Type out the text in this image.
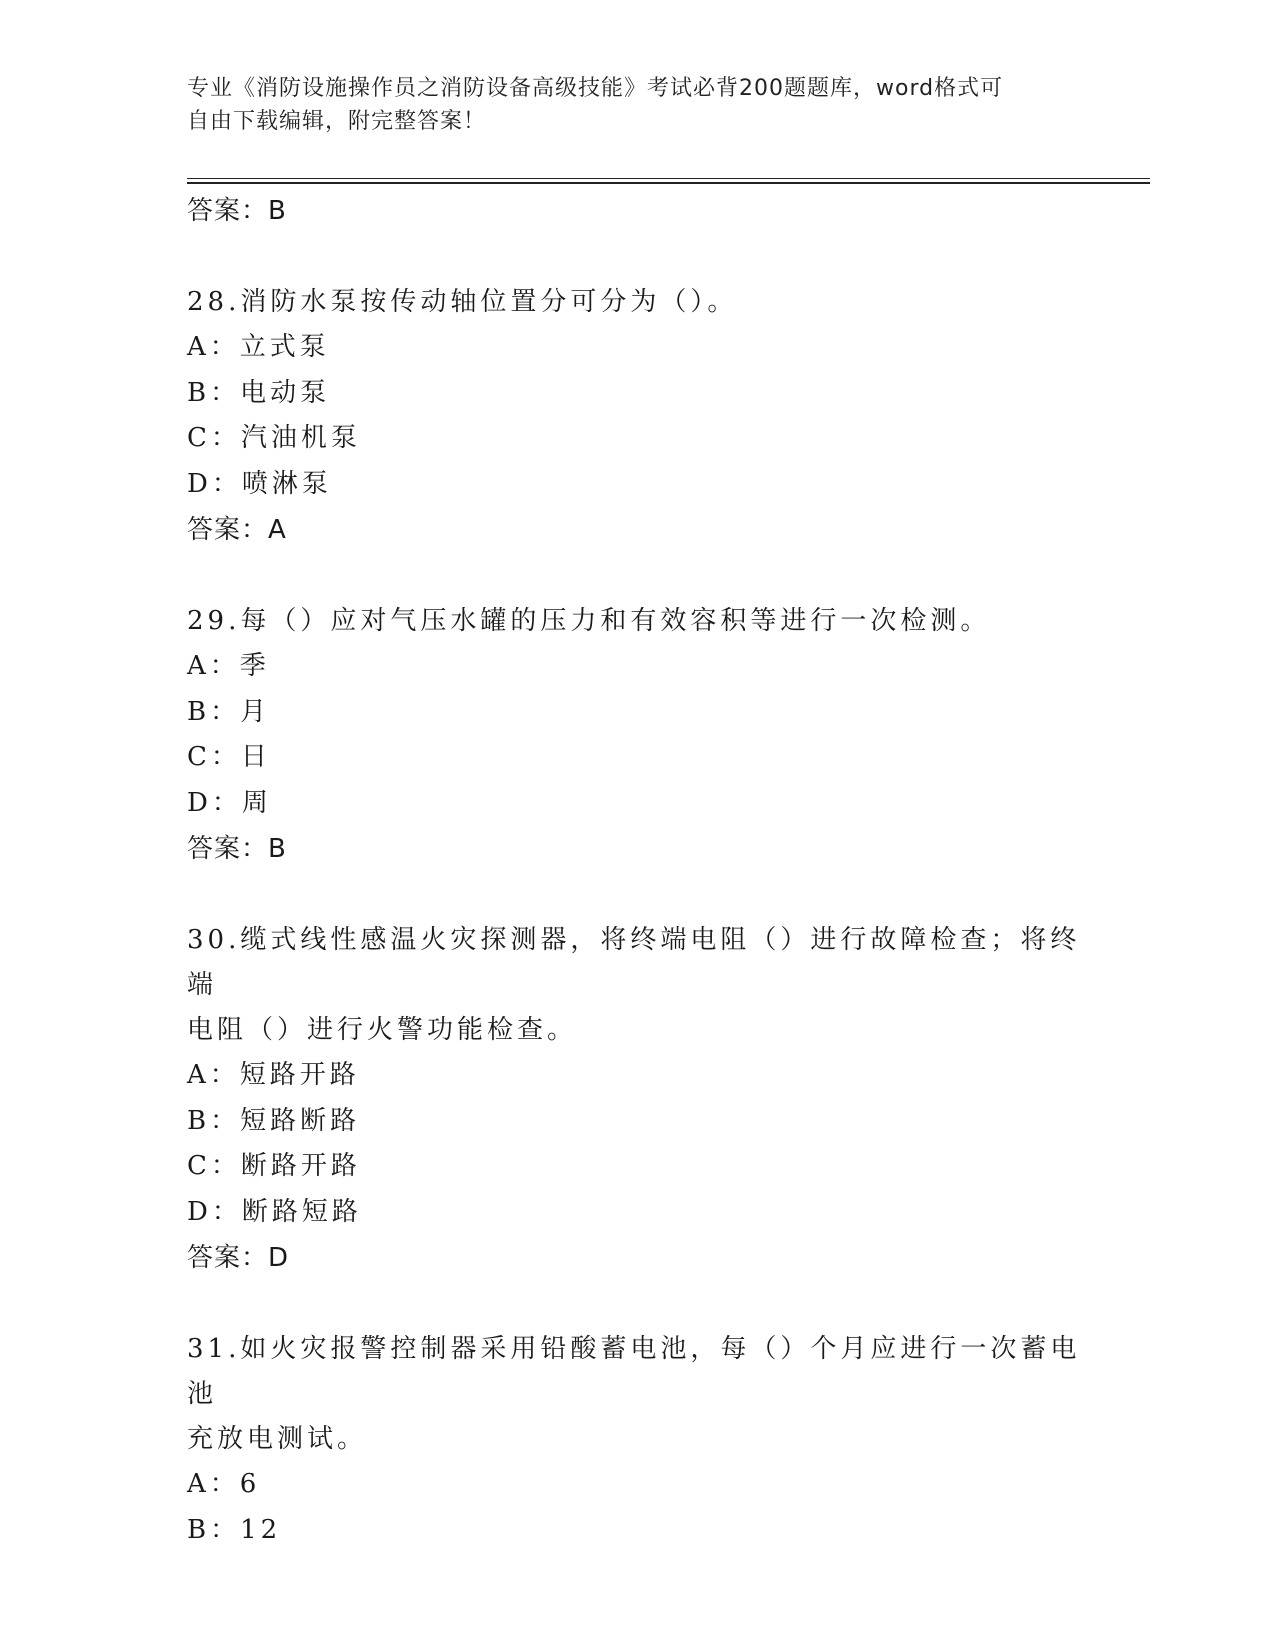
专业《消防设施操作员之消防设备高级技能》考试必背200题题库，word格式可
自由下载编辑，附完整答案！

答案：B

28.消防水泵按传动轴位置分可分为（）。

A：立式泵

B：电动泵

C：汽油机泵

D：喷淋泵

答案：A

29.每（）应对气压水罐的压力和有效容积等进行一次检测。

A：季

B：月

C：日

D：周

答案：B

30.缆式线性感温火灾探测器，将终端电阻（）进行故障检查；将终端

电阻（）进行火警功能检查。

A：短路开路

B：短路断路

C：断路开路

D：断路短路

答案：D

31.如火灾报警控制器采用铅酸蓄电池，每（）个月应进行一次蓄电池

充放电测试。

A：6

B：12
